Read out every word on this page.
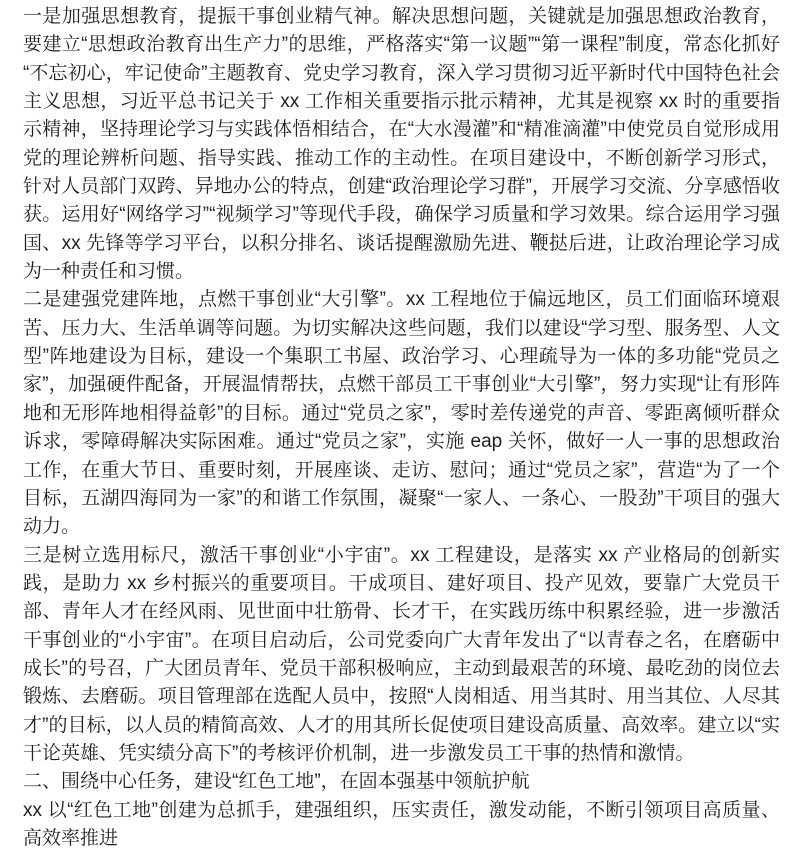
一是加强思想教育，提振干事创业精气神。解决思想问题，关键就是加强思想政治教育，要建立“思想政治教育出生产力”的思维，严格落实“第一议题”“第一课程”制度，常态化抓好“不忘初心，牢记使命”主题教育、党史学习教育，深入学习贯彻习近平新时代中国特色社会主义思想，习近平总书记关于 xx 工作相关重要指示批示精神，尤其是视察 xx 时的重要指示精神，坚持理论学习与实践体悟相结合，在“大水漫灌”和“精准滴灌”中使党员自觉形成用党的理论辨析问题、指导实践、推动工作的主动性。在项目建设中，不断创新学习形式，针对人员部门双跨、异地办公的特点，创建“政治理论学习群”，开展学习交流、分享感悟收获。运用好“网络学习”“视频学习”等现代手段，确保学习质量和学习效果。综合运用学习强国、xx 先锋等学习平台，以积分排名、谈话提醒激励先进、鞭挞后进，让政治理论学习成为一种责任和习惯。

二是建强党建阵地，点燃干事创业“大引擎”。xx 工程地位于偏远地区，员工们面临环境艰苦、压力大、生活单调等问题。为切实解决这些问题，我们以建设“学习型、服务型、人文型”阵地建设为目标，建设一个集职工书屋、政治学习、心理疏导为一体的多功能“党员之家”，加强硬件配备，开展温情帮扶，点燃干部员工干事创业“大引擎”，努力实现“让有形阵地和无形阵地相得益彰”的目标。通过“党员之家”，零时差传递党的声音、零距离倾听群众诉求，零障碍解决实际困难。通过“党员之家”，实施 eap 关怀，做好一人一事的思想政治工作，在重大节日、重要时刻，开展座谈、走访、慰问；通过“党员之家”，营造“为了一个目标，五湖四海同为一家”的和谐工作氛围，凝聚“一家人、一条心、一股劲”干项目的强大动力。

三是树立选用标尺，激活干事创业“小宇宙”。xx 工程建设，是落实 xx 产业格局的创新实践，是助力 xx 乡村振兴的重要项目。干成项目、建好项目、投产见效，要靠广大党员干部、青年人才在经风雨、见世面中壮筋骨、长才干，在实践历练中积累经验，进一步激活干事创业的“小宇宙”。在项目启动后，公司党委向广大青年发出了“以青春之名，在磨砺中成长”的号召，广大团员青年、党员干部积极响应，主动到最艰苦的环境、最吃劲的岗位去锻炼、去磨砺。项目管理部在选配人员中，按照“人岗相适、用当其时、用当其位、人尽其才”的目标，以人员的精简高效、人才的用其所长促使项目建设高质量、高效率。建立以“实干论英雄、凭实绩分高下”的考核评价机制，进一步激发员工干事的热情和激情。

二、围绕中心任务，建设“红色工地”，在固本强基中领航护航

xx 以“红色工地”创建为总抓手，建强组织，压实责任，激发动能，不断引领项目高质量、高效率推进
